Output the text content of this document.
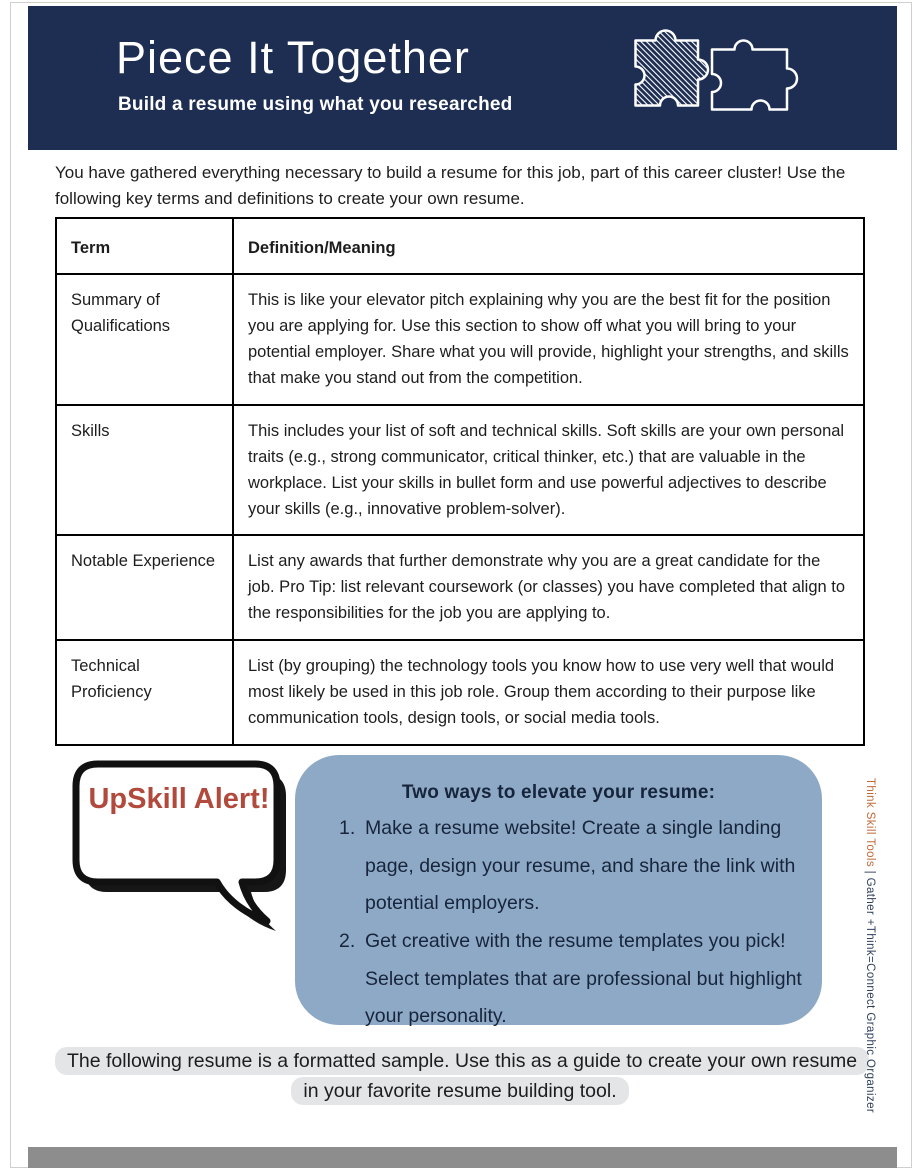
Piece It Together
Build a resume using what you researched
You have gathered everything necessary to build a resume for this job, part of this career cluster! Use the following key terms and definitions to create your own resume.
Term	Definition/Meaning
Summary of Qualifications	This is like your elevator pitch explaining why you are the best fit for the position you are applying for. Use this section to show off what you will bring to your potential employer. Share what you will provide, highlight your strengths, and skills that make you stand out from the competition.
Skills	This includes your list of soft and technical skills. Soft skills are your own personal traits (e.g., strong communicator, critical thinker, etc.) that are valuable in the workplace. List your skills in bullet form and use powerful adjectives to describe your skills (e.g., innovative problem-solver).
Notable Experience	List any awards that further demonstrate why you are a great candidate for the job. Pro Tip: list relevant coursework (or classes) you have completed that align to the responsibilities for the job you are applying to.
Technical Proficiency	List (by grouping) the technology tools you know how to use very well that would most likely be used in this job role. Group them according to their purpose like communication tools, design tools, or social media tools.
UpSkill Alert!	Two ways to elevate your resume:
1. Make a resume website! Create a single landing page, design your resume, and share the link with potential employers.
2. Get creative with the resume templates you pick! Select templates that are professional but highlight your personality.
The following resume is a formatted sample. Use this as a guide to create your own resume in your favorite resume building tool.
Think Skill Tools | Gather +Think=Connect Graphic Organizer
